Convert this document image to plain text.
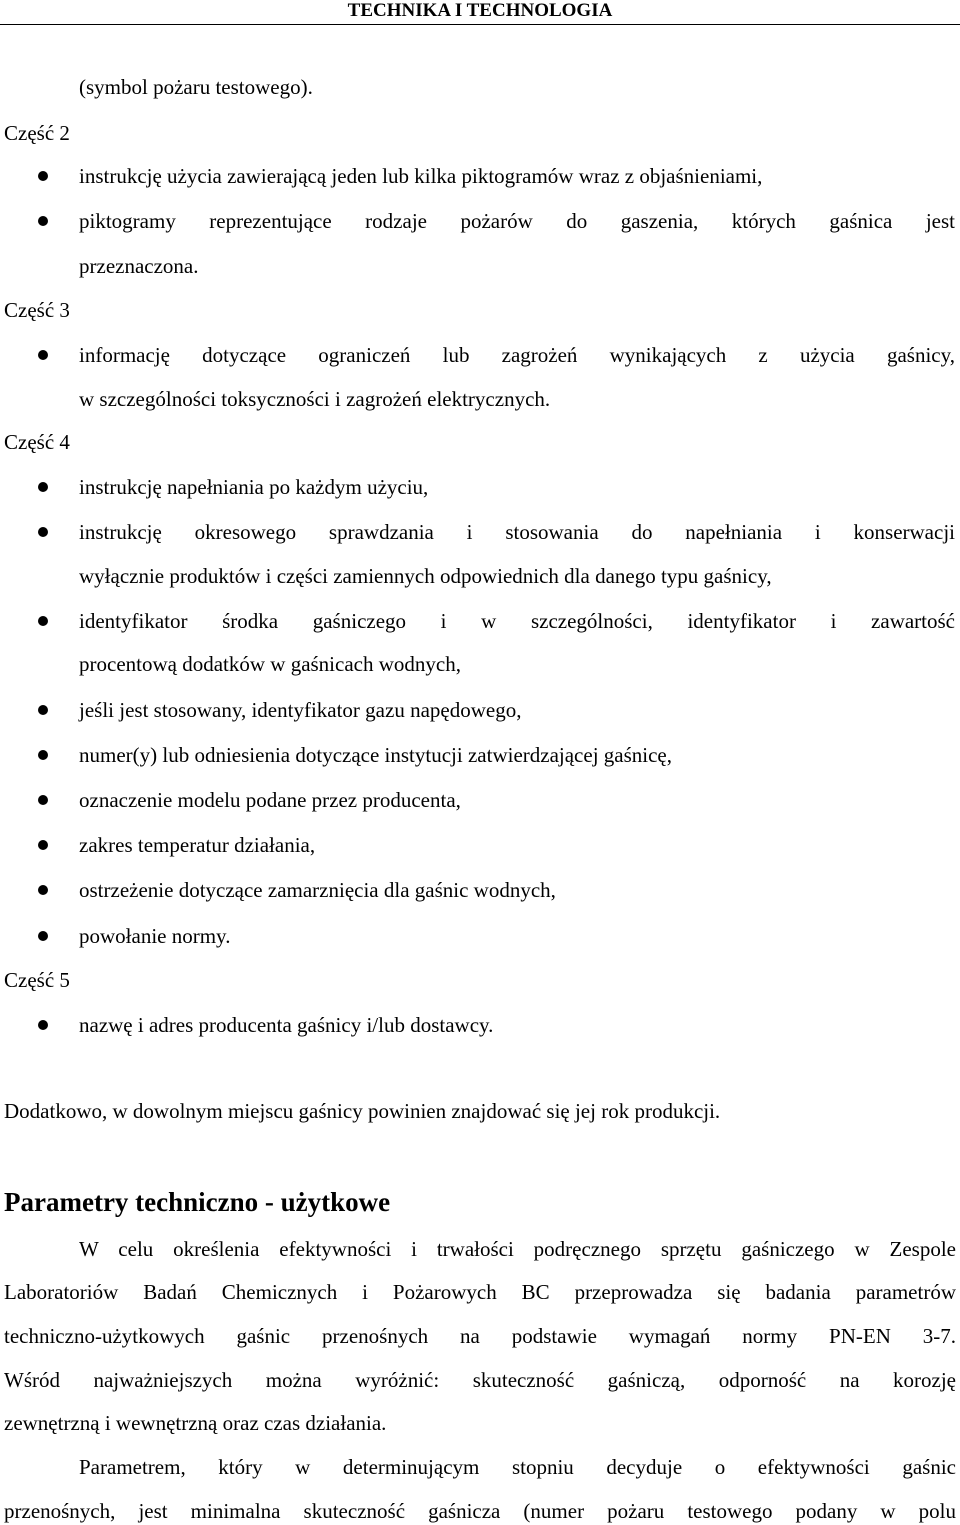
TECHNIKA I TECHNOLOGIA
(symbol pożaru testowego).
Część 2
instrukcję użycia zawierającą jeden lub kilka piktogramów wraz z objaśnieniami,
piktogramy reprezentujące rodzaje pożarów do gaszenia, których gaśnica jest
przeznaczona.
Część 3
informację dotyczące ograniczeń lub zagrożeń wynikających z użycia gaśnicy,
w szczególności toksyczności i zagrożeń elektrycznych.
Część 4
instrukcję napełniania po każdym użyciu,
instrukcję okresowego sprawdzania i stosowania do napełniania i konserwacji
wyłącznie produktów i części zamiennych odpowiednich dla danego typu gaśnicy,
identyfikator środka gaśniczego i w szczególności, identyfikator i zawartość
procentową dodatków w gaśnicach wodnych,
jeśli jest stosowany, identyfikator gazu napędowego,
numer(y) lub odniesienia dotyczące instytucji zatwierdzającej gaśnicę,
oznaczenie modelu podane przez producenta,
zakres temperatur działania,
ostrzeżenie dotyczące zamarznięcia dla gaśnic wodnych,
powołanie normy.
Część 5
nazwę i adres producenta gaśnicy i/lub dostawcy.
Dodatkowo, w dowolnym miejscu gaśnicy powinien znajdować się jej rok produkcji.
Parametry techniczno - użytkowe
W celu określenia efektywności i trwałości podręcznego sprzętu gaśniczego w Zespole
Laboratoriów Badań Chemicznych i Pożarowych BC przeprowadza się badania parametrów
techniczno-użytkowych gaśnic przenośnych na podstawie wymagań normy PN-EN 3-7.
Wśród najważniejszych można wyróżnić: skuteczność gaśniczą, odporność na korozję
zewnętrzną i wewnętrzną oraz czas działania.
Parametrem, który w determinującym stopniu decyduje o efektywności gaśnic
przenośnych, jest minimalna skuteczność gaśnicza (numer pożaru testowego podany w polu
